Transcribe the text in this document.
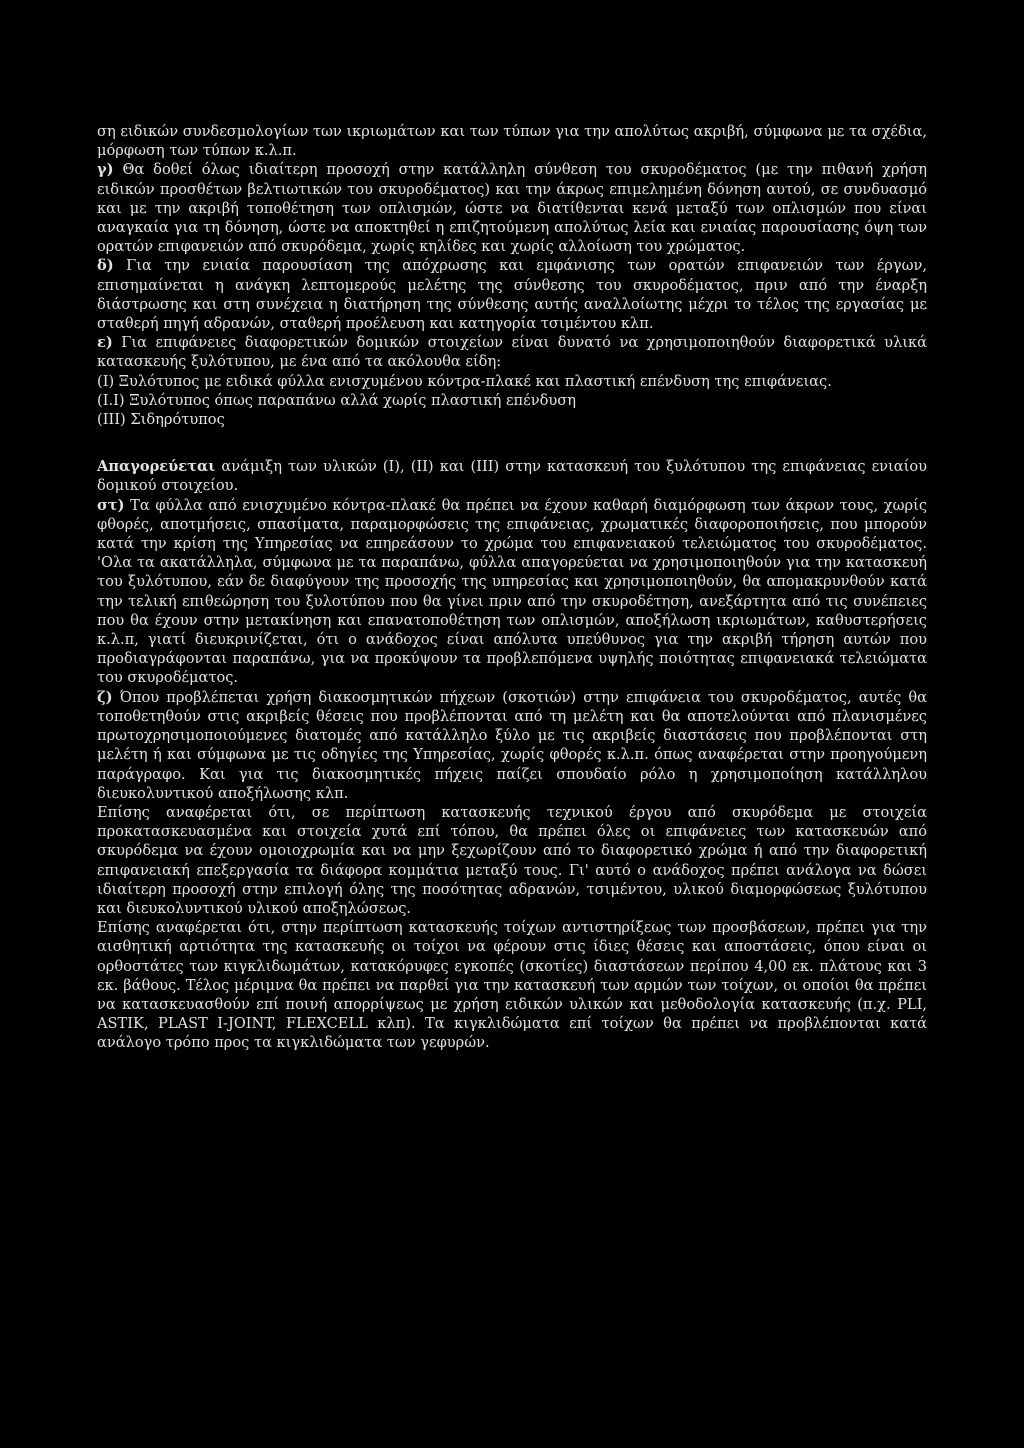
ση ειδικών συνδεσμολογίων των ικριωμάτων και των τύπων για την απολύτως ακριβή, σύμφωνα με τα σχέδια, μόρφωση των τύπων κ.λ.π.

γ) Θα δοθεί όλως ιδιαίτερη προσοχή στην κατάλληλη σύνθεση του σκυροδέματος (με την πιθανή χρήση ειδικών προσθέτων βελτιωτικών του σκυροδέματος) και την άκρως επιμελημένη δόνηση αυτού, σε συνδυασμό και με την ακριβή τοποθέτηση των οπλισμών, ώστε να διατίθενται κενά μεταξύ των οπλισμών που είναι αναγκαία για τη δόνηση, ώστε να αποκτηθεί η επιζητούμενη απολύτως λεία και ενιαίας παρουσίασης όψη των ορατών επιφανειών από σκυρόδεμα, χωρίς κηλίδες και χωρίς αλλοίωση του χρώματος.

δ) Για την ενιαία παρουσίαση της απόχρωσης και εμφάνισης των ορατών επιφανειών των έργων, επισημαίνεται η ανάγκη λεπτομερούς μελέτης της σύνθεσης του σκυροδέματος, πριν από την έναρξη διάστρωσης και στη συνέχεια η διατήρηση της σύνθεσης αυτής αναλλοίωτης μέχρι το τέλος της εργασίας με σταθερή πηγή αδρανών, σταθερή προέλευση και κατηγορία τσιμέντου κλπ.

ε) Για επιφάνειες διαφορετικών δομικών στοιχείων είναι δυνατό να χρησιμοποιηθούν διαφορετικά υλικά κατασκευής ξυλότυπου, με ένα από τα ακόλουθα είδη:

(Ι) Ξυλότυπος με ειδικά φύλλα ενισχυμένου κόντρα-πλακέ και πλαστική επένδυση της επιφάνειας.

(Ι.Ι) Ξυλότυπος όπως παραπάνω αλλά χωρίς πλαστική επένδυση

(ΙΙΙ) Σιδηρότυπος

Απαγορεύεται ανάμιξη των υλικών (Ι), (ΙΙ) και (ΙΙΙ) στην κατασκευή του ξυλότυπου της επιφάνειας ενιαίου δομικού στοιχείου.

στ) Τα φύλλα από ενισχυμένο κόντρα-πλακέ θα πρέπει να έχουν καθαρή διαμόρφωση των άκρων τους, χωρίς φθορές, αποτμήσεις, σπασίματα, παραμορφώσεις της επιφάνειας, χρωματικές διαφοροποιήσεις, που μπορούν κατά την κρίση της Υπηρεσίας να επηρεάσουν το χρώμα του επιφανειακού τελειώματος του σκυροδέματος. 'Ολα τα ακατάλληλα, σύμφωνα με τα παραπάνω, φύλλα απαγορεύεται να χρησιμοποιηθούν για την κατασκευή του ξυλότυπου, εάν δε διαφύγουν της προσοχής της υπηρεσίας και χρησιμοποιηθούν, θα απομακρυνθούν κατά την τελική επιθεώρηση του ξυλοτύπου που θα γίνει πριν από την σκυροδέτηση, ανεξάρτητα από τις συνέπειες που θα έχουν στην μετακίνηση και επανατοποθέτηση των οπλισμών, αποξήλωση ικριωμάτων, καθυστερήσεις κ.λ.π, γιατί διευκρινίζεται, ότι ο ανάδοχος είναι απόλυτα υπεύθυνος για την ακριβή τήρηση αυτών που προδιαγράφονται παραπάνω, για να προκύψουν τα προβλεπόμενα υψηλής ποιότητας επιφανειακά τελειώματα του σκυροδέματος.

ζ) Όπου προβλέπεται χρήση διακοσμητικών πήχεων (σκοτιών) στην επιφάνεια του σκυροδέματος, αυτές θα τοποθετηθούν στις ακριβείς θέσεις που προβλέπονται από τη μελέτη και θα αποτελούνται από πλανισμένες πρωτοχρησιμοποιούμενες διατομές από κατάλληλο ξύλο με τις ακριβείς διαστάσεις που προβλέπονται στη μελέτη ή και σύμφωνα με τις οδηγίες της Υπηρεσίας, χωρίς φθορές κ.λ.π. όπως αναφέρεται στην προηγούμενη παράγραφο. Και για τις διακοσμητικές πήχεις παίζει σπουδαίο ρόλο η χρησιμοποίηση κατάλληλου διευκολυντικού αποξήλωσης κλπ.

Επίσης αναφέρεται ότι, σε περίπτωση κατασκευής τεχνικού έργου από σκυρόδεμα με στοιχεία προκατασκευασμένα και στοιχεία χυτά επί τόπου, θα πρέπει όλες οι επιφάνειες των κατασκευών από σκυρόδεμα να έχουν ομοιοχρωμία και να μην ξεχωρίζουν από το διαφορετικό χρώμα ή από την διαφορετική επιφανειακή επεξεργασία τα διάφορα κομμάτια μεταξύ τους. Γι' αυτό ο ανάδοχος πρέπει ανάλογα να δώσει ιδιαίτερη προσοχή στην επιλογή όλης της ποσότητας αδρανών, τσιμέντου, υλικού διαμορφώσεως ξυλότυπου και διευκολυντικού υλικού αποξηλώσεως.

Επίσης αναφέρεται ότι, στην περίπτωση κατασκευής τοίχων αντιστηρίξεως των προσβάσεων, πρέπει για την αισθητική αρτιότητα της κατασκευής οι τοίχοι να φέρουν στις ίδιες θέσεις και αποστάσεις, όπου είναι οι ορθοστάτες των κιγκλιδωμάτων, κατακόρυφες εγκοπές (σκοτίες) διαστάσεων περίπου 4,00 εκ. πλάτους και 3 εκ. βάθους. Τέλος μέριμνα θα πρέπει να παρθεί για την κατασκευή των αρμών των τοίχων, οι οποίοι θα πρέπει να κατασκευασθούν επί ποινή απορρίψεως με χρήση ειδικών υλικών και μεθοδολογία κατασκευής (π.χ. PLI, ASTIK, PLAST I-JOINT, FLEXCELL κλπ). Τα κιγκλιδώματα επί τοίχων θα πρέπει να προβλέπονται κατά ανάλογο τρόπο προς τα κιγκλιδώματα των γεφυρών.
